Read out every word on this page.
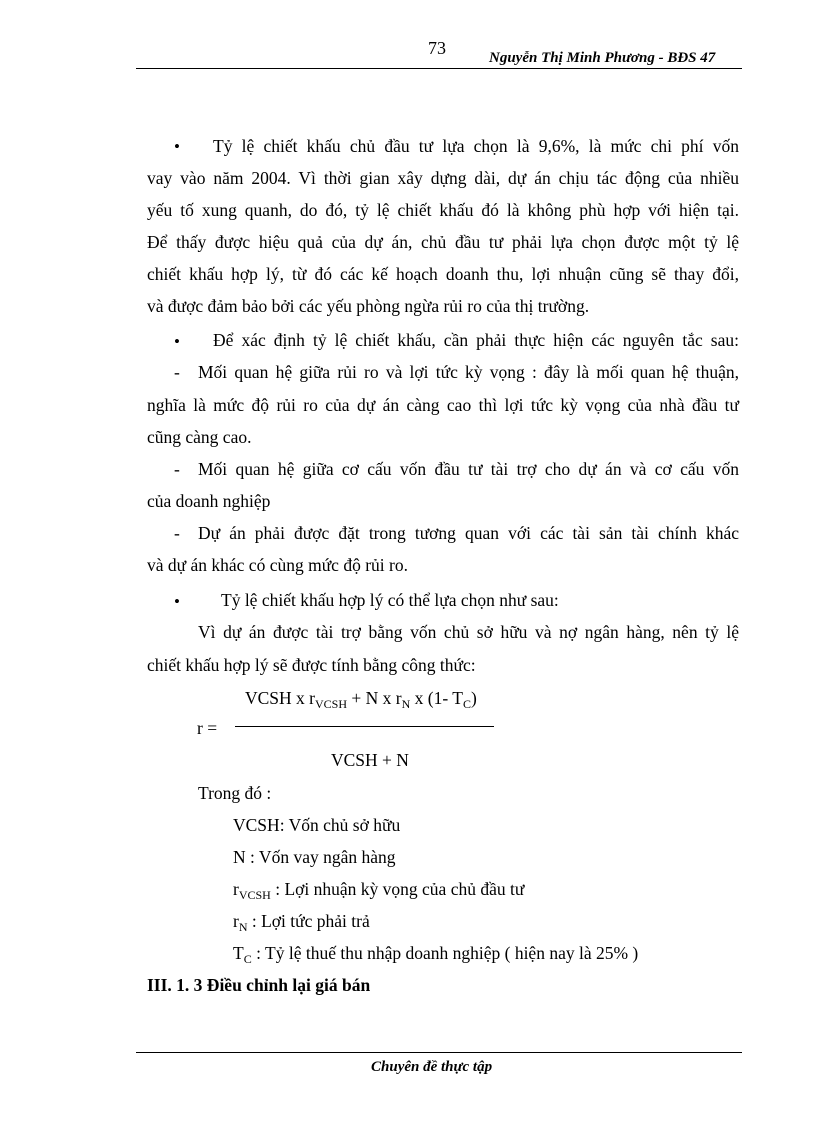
73	Nguyễn Thị Minh Phương - BĐS 47
• Tỷ lệ chiết khấu chủ đầu tư lựa chọn là 9,6%, là mức chi phí vốn
vay vào năm 2004. Vì thời gian xây dựng dài, dự án chịu tác động của nhiều
yếu tố xung quanh, do đó, tỷ lệ chiết khấu đó là không phù hợp với hiện tại.
Để thấy được hiệu quả của dự án, chủ đầu tư phải lựa chọn được một tỷ lệ
chiết khấu hợp lý, từ đó các kế hoạch doanh thu, lợi nhuận cũng sẽ thay đổi,
và được đảm bảo bởi các yếu phòng ngừa rủi ro của thị trường.
• Để xác định tỷ lệ chiết khấu, cần phải thực hiện các nguyên tắc sau:
- Mối quan hệ giữa rủi ro và lợi tức kỳ vọng : đây là mối quan hệ thuận,
nghĩa là mức độ rủi ro của dự án càng cao thì lợi tức kỳ vọng của nhà đầu tư
cũng càng cao.
- Mối quan hệ giữa cơ cấu vốn đầu tư tài trợ cho dự án và cơ cấu vốn
của doanh nghiệp
- Dự án phải được đặt trong tương quan với các tài sản tài chính khác
và dự án khác có cùng mức độ rủi ro.
• Tỷ lệ chiết khấu hợp lý có thể lựa chọn như sau:
Vì dự án được tài trợ bằng vốn chủ sở hữu và nợ ngân hàng, nên tỷ lệ
chiết khấu hợp lý sẽ được tính bằng công thức:
VCSH x $r_{VCSH} + N$ x $r_N$ x (1- $T_C$)
r =
VCSH + N
Trong đó :
VCSH: Vốn chủ sở hữu
N : Vốn vay ngân hàng
$r_{VCSH}$ : Lợi nhuận kỳ vọng của chủ đầu tư
$r_N$ : Lợi tức phải trả
$T_C$ : Tỷ lệ thuế thu nhập doanh nghiệp ( hiện nay là 25% )
III. 1. 3 Điều chỉnh lại giá bán
Chuyên đề thực tập
